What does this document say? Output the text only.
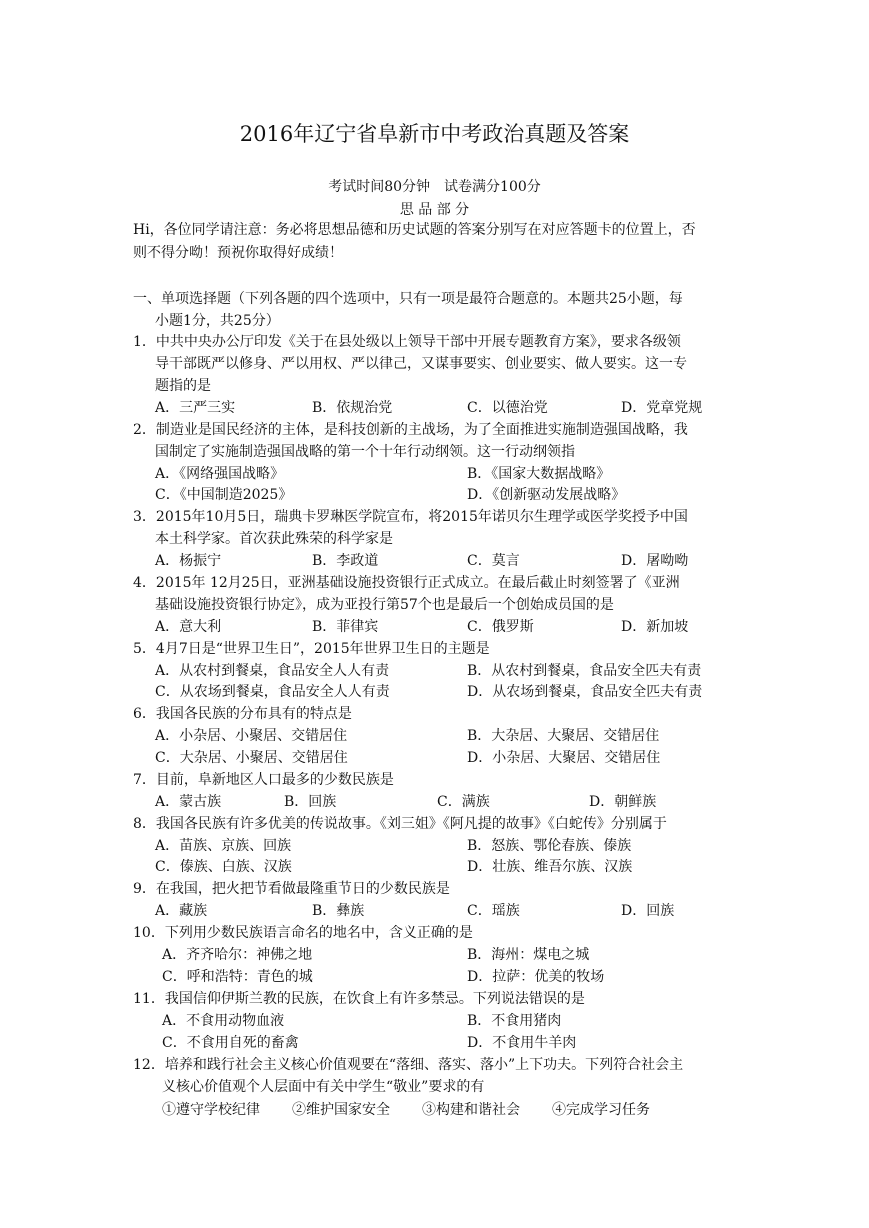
2016年辽宁省阜新市中考政治真题及答案
考试时间80分钟　试卷满分100分
思 品 部 分
Hi，各位同学请注意：务必将思想品德和历史试题的答案分别写在对应答题卡的位置上，否
则不得分呦！预祝你取得好成绩！
一、单项选择题（下列各题的四个选项中，只有一项是最符合题意的。本题共25小题，每
小题1分，共25分）
1．中共中央办公厅印发《关于在县处级以上领导干部中开展专题教育方案》，要求各级领
导干部既严以修身、严以用权、严以律己，又谋事要实、创业要实、做人要实。这一专
题指的是
A．三严三实	B．依规治党	C．以德治党	D．党章党规
2．制造业是国民经济的主体，是科技创新的主战场，为了全面推进实施制造强国战略，我
国制定了实施制造强国战略的第一个十年行动纲领。这一行动纲领指
A．《网络强国战略》	B．《国家大数据战略》
C．《中国制造2025》	D．《创新驱动发展战略》
3．2015年10月5日，瑞典卡罗琳医学院宣布，将2015年诺贝尔生理学或医学奖授予中国
本土科学家。首次获此殊荣的科学家是
A．杨振宁	B．李政道	C．莫言	D．屠呦呦
4．2015年 12月25日，亚洲基础设施投资银行正式成立。在最后截止时刻签署了《亚洲
基础设施投资银行协定》，成为亚投行第57个也是最后一个创始成员国的是
A．意大利	B．菲律宾	C．俄罗斯	D．新加坡
5．4月7日是“世界卫生日”，2015年世界卫生日的主题是
A．从农村到餐桌，食品安全人人有责	B．从农村到餐桌，食品安全匹夫有责
C．从农场到餐桌，食品安全人人有责	D．从农场到餐桌，食品安全匹夫有责
6．我国各民族的分布具有的特点是
A．小杂居、小聚居、交错居住	B．大杂居、大聚居、交错居住
C．大杂居、小聚居、交错居住	D．小杂居、大聚居、交错居住
7．目前，阜新地区人口最多的少数民族是
A．蒙古族	B．回族	C．满族	D．朝鲜族
8．我国各民族有许多优美的传说故事。《刘三姐》《阿凡提的故事》《白蛇传》分别属于
A．苗族、京族、回族	B．怒族、鄂伦春族、傣族
C．傣族、白族、汉族	D．壮族、维吾尔族、汉族
9．在我国，把火把节看做最隆重节日的少数民族是
A．藏族	B．彝族	C．瑶族	D．回族
10．下列用少数民族语言命名的地名中，含义正确的是
A．齐齐哈尔：神佛之地	B．海州：煤电之城
C．呼和浩特：青色的城	D．拉萨：优美的牧场
11．我国信仰伊斯兰教的民族，在饮食上有许多禁忌。下列说法错误的是
A．不食用动物血液	B．不食用猪肉
C．不食用自死的畜禽	D．不食用牛羊肉
12．培养和践行社会主义核心价值观要在“落细、落实、落小”上下功夫。下列符合社会主
义核心价值观个人层面中有关中学生“敬业”要求的有
①遵守学校纪律 ②维护国家安全 ③构建和谐社会 ④完成学习任务
